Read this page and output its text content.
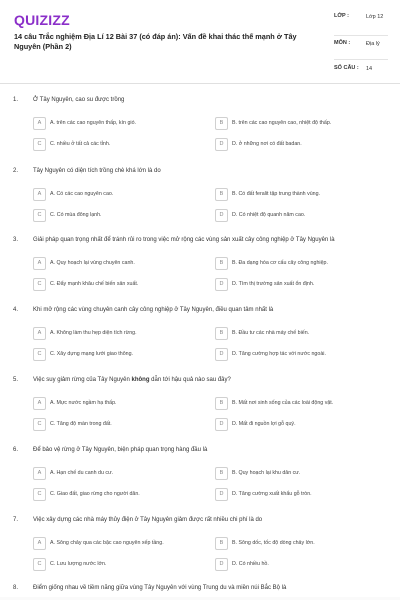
QUIZIZZ
14 câu Trắc nghiệm Địa Lí 12 Bài 37 (có đáp án): Vấn đề khai thác thế mạnh ở Tây Nguyên (Phần 2)
LỚP :	Lớp 12
MÔN :	Địa lý
SỐ CÂU : 14
1. Ở Tây Nguyên, cao su được trồng
A	A. trên các cao nguyên thấp, kín gió.	B	B. trên các cao nguyên cao, nhiệt độ thấp.
C	C. nhiều ở tất cả các tỉnh.	D	D. ở những nơi có đất badan.
2. Tây Nguyên có diện tích trồng chè khá lớn là do
A	A. Có các cao nguyên cao.	B	B. Có đất feralit tập trung thành vùng.
C	C. Có mùa đông lạnh.	D	D. Có nhiệt độ quanh năm cao.
3. Giải pháp quan trọng nhất để tránh rủi ro trong việc mở rộng các vùng sản xuất cây công nghiệp ở Tây Nguyên là
A	A. Quy hoạch lại vùng chuyên canh.	B	B. Đa dạng hóa cơ cấu cây công nghiệp.
C	C. Đẩy mạnh khâu chế biến sản xuất.	D	D. Tìm thị trường sản xuất ổn định.
4. Khi mở rộng các vùng chuyên canh cây công nghiệp ở Tây Nguyên, điều quan tâm nhất là
A	A. Không làm thu hẹp diện tích rừng.	B	B. Đầu tư các nhà máy chế biến.
C	C. Xây dựng mạng lưới giao thông.	D	D. Tăng cường hợp tác với nước ngoài.
5. Việc suy giảm rừng của Tây Nguyên không dẫn tới hậu quả nào sau đây?
A	A. Mực nước ngầm hạ thấp.	B	B. Mất nơi sinh sống của các loài động vật.
C	C. Tăng độ màn trong đất.	D	D. Mất đi nguồn lợi gỗ quý.
6. Để bảo vệ rừng ở Tây Nguyên, biện pháp quan trọng hàng đầu là
A	A. Hạn chế du canh du cư.	B	B. Quy hoạch lại khu dân cư.
C	C. Giao đất, giao rừng cho người dân.	D	D. Tăng cường xuất khẩu gỗ tròn.
7. Việc xây dựng các nhà máy thủy điện ở Tây Nguyên giảm được rất nhiều chi phí là do
A	A. Sông chảy qua các bậc cao nguyên xếp tầng.	B	B. Sông dốc, tốc độ dòng chảy lớn.
C	C. Lưu lượng nước lớn.	D	D. Có nhiều hồ.
8. Điểm giống nhau về tiềm năng giữa vùng Tây Nguyên với vùng Trung du và miền núi Bắc Bộ là
